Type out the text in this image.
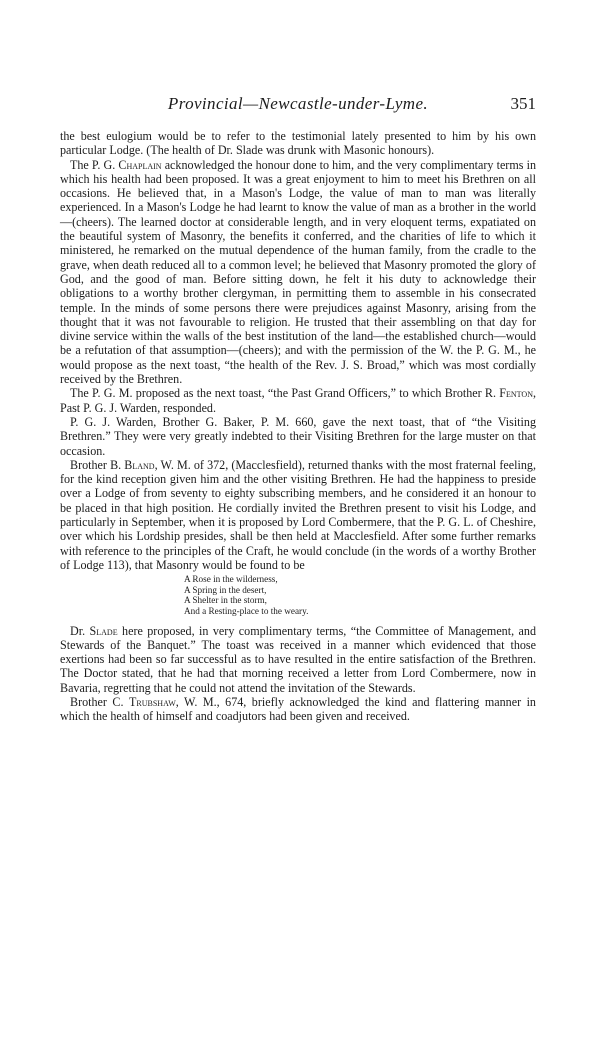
Provincial—Newcastle-under-Lyme.	351

the best eulogium would be to refer to the testimonial lately presented to him by his own particular Lodge. (The health of Dr. Slade was drunk with Masonic honours).

The P. G. Chaplain acknowledged the honour done to him, and the very complimentary terms in which his health had been proposed. It was a great enjoyment to him to meet his Brethren on all occasions. He believed that, in a Mason's Lodge, the value of man to man was literally experienced. In a Mason's Lodge he had learnt to know the value of man as a brother in the world—(cheers). The learned doctor at considerable length, and in very eloquent terms, expatiated on the beautiful system of Masonry, the benefits it conferred, and the charities of life to which it ministered, he remarked on the mutual dependence of the human family, from the cradle to the grave, when death reduced all to a common level; he believed that Masonry promoted the glory of God, and the good of man. Before sitting down, he felt it his duty to acknowledge their obligations to a worthy brother clergyman, in permitting them to assemble in his consecrated temple. In the minds of some persons there were prejudices against Masonry, arising from the thought that it was not favourable to religion. He trusted that their assembling on that day for divine service within the walls of the best institution of the land—the established church—would be a refutation of that assumption—(cheers); and with the permission of the W. the P. G. M., he would propose as the next toast, “the health of the Rev. J. S. Broad,” which was most cordially received by the Brethren.

The P. G. M. proposed as the next toast, “the Past Grand Officers,” to which Brother R. Fenton, Past P. G. J. Warden, responded.

P. G. J. Warden, Brother G. Baker, P. M. 660, gave the next toast, that of “the Visiting Brethren.” They were very greatly indebted to their Visiting Brethren for the large muster on that occasion.

Brother B. Bland, W. M. of 372, (Macclesfield), returned thanks with the most fraternal feeling, for the kind reception given him and the other visiting Brethren. He had the happiness to preside over a Lodge of from seventy to eighty subscribing members, and he considered it an honour to be placed in that high position. He cordially invited the Brethren present to visit his Lodge, and particularly in September, when it is proposed by Lord Combermere, that the P. G. L. of Cheshire, over which his Lordship presides, shall be then held at Macclesfield. After some further remarks with reference to the principles of the Craft, he would conclude (in the words of a worthy Brother of Lodge 113), that Masonry would be found to be

A Rose in the wilderness,
A Spring in the desert,
A Shelter in the storm,
And a Resting-place to the weary.

Dr. Slade here proposed, in very complimentary terms, “the Committee of Management, and Stewards of the Banquet.” The toast was received in a manner which evidenced that those exertions had been so far successful as to have resulted in the entire satisfaction of the Brethren. The Doctor stated, that he had that morning received a letter from Lord Combermere, now in Bavaria, regretting that he could not attend the invitation of the Stewards.

Brother C. Trubshaw, W. M., 674, briefly acknowledged the kind and flattering manner in which the health of himself and coadjutors had been given and received.
